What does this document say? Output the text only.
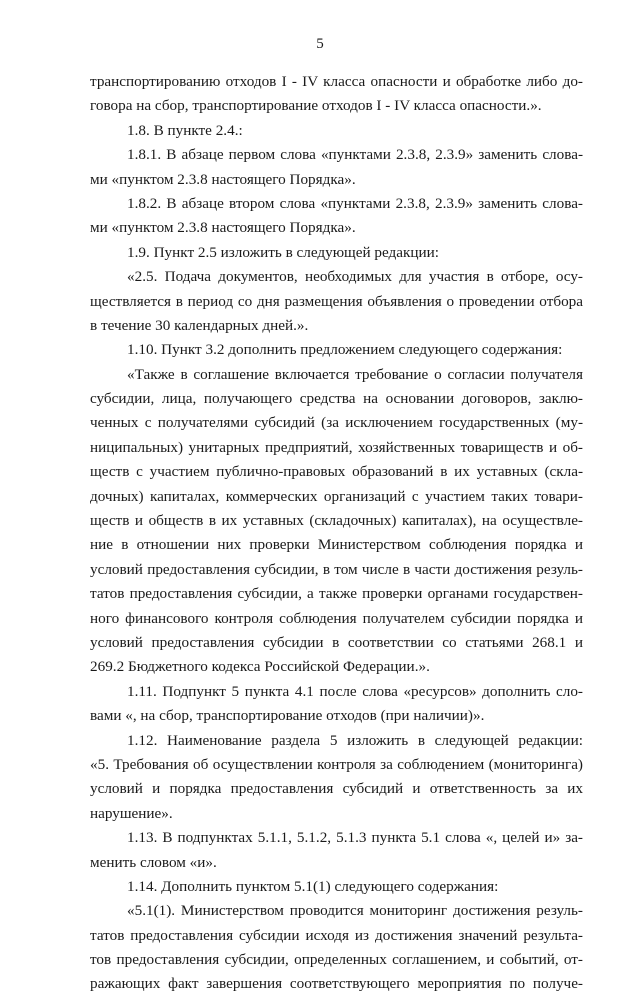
5
транспортированию отходов I - IV класса опасности и обработке либо до-
говора на сбор, транспортирование отходов I - IV класса опасности.».
1.8. В пункте 2.4.:
1.8.1. В абзаце первом слова «пунктами 2.3.8, 2.3.9» заменить слова-
ми «пунктом 2.3.8 настоящего Порядка».
1.8.2. В абзаце втором слова «пунктами 2.3.8, 2.3.9» заменить слова-
ми «пунктом 2.3.8 настоящего Порядка».
1.9. Пункт 2.5 изложить в следующей редакции:
«2.5. Подача документов, необходимых для участия в отборе, осу-
ществляется в период со дня размещения объявления о проведении отбора
в течение 30 календарных дней.».
1.10. Пункт 3.2 дополнить предложением следующего содержания:
«Также в соглашение включается требование о согласии получателя
субсидии, лица, получающего средства на основании договоров, заклю-
ченных с получателями субсидий (за исключением государственных (му-
ниципальных) унитарных предприятий, хозяйственных товариществ и об-
ществ с участием публично-правовых образований в их уставных (скла-
дочных) капиталах, коммерческих организаций с участием таких товари-
ществ и обществ в их уставных (складочных) капиталах), на осуществле-
ние в отношении них проверки Министерством соблюдения порядка и
условий предоставления субсидии, в том числе в части достижения резуль-
татов предоставления субсидии, а также проверки органами государствен-
ного финансового контроля соблюдения получателем субсидии порядка и
условий предоставления субсидии в соответствии со статьями 268.1 и
269.2 Бюджетного кодекса Российской Федерации.».
1.11. Подпункт 5 пункта 4.1 после слова «ресурсов» дополнить сло-
вами «, на сбор, транспортирование отходов (при наличии)».
1.12. Наименование раздела 5 изложить в следующей редакции:
«5. Требования об осуществлении контроля за соблюдением (мониторинга)
условий и порядка предоставления субсидий и ответственность за их
нарушение».
1.13. В подпунктах 5.1.1, 5.1.2, 5.1.3 пункта 5.1 слова «, целей и» за-
менить словом «и».
1.14. Дополнить пунктом 5.1(1) следующего содержания:
«5.1(1). Министерством проводится мониторинг достижения резуль-
татов предоставления субсидии исходя из достижения значений результа-
тов предоставления субсидии, определенных соглашением, и событий, от-
ражающих факт завершения соответствующего мероприятия по получе-
